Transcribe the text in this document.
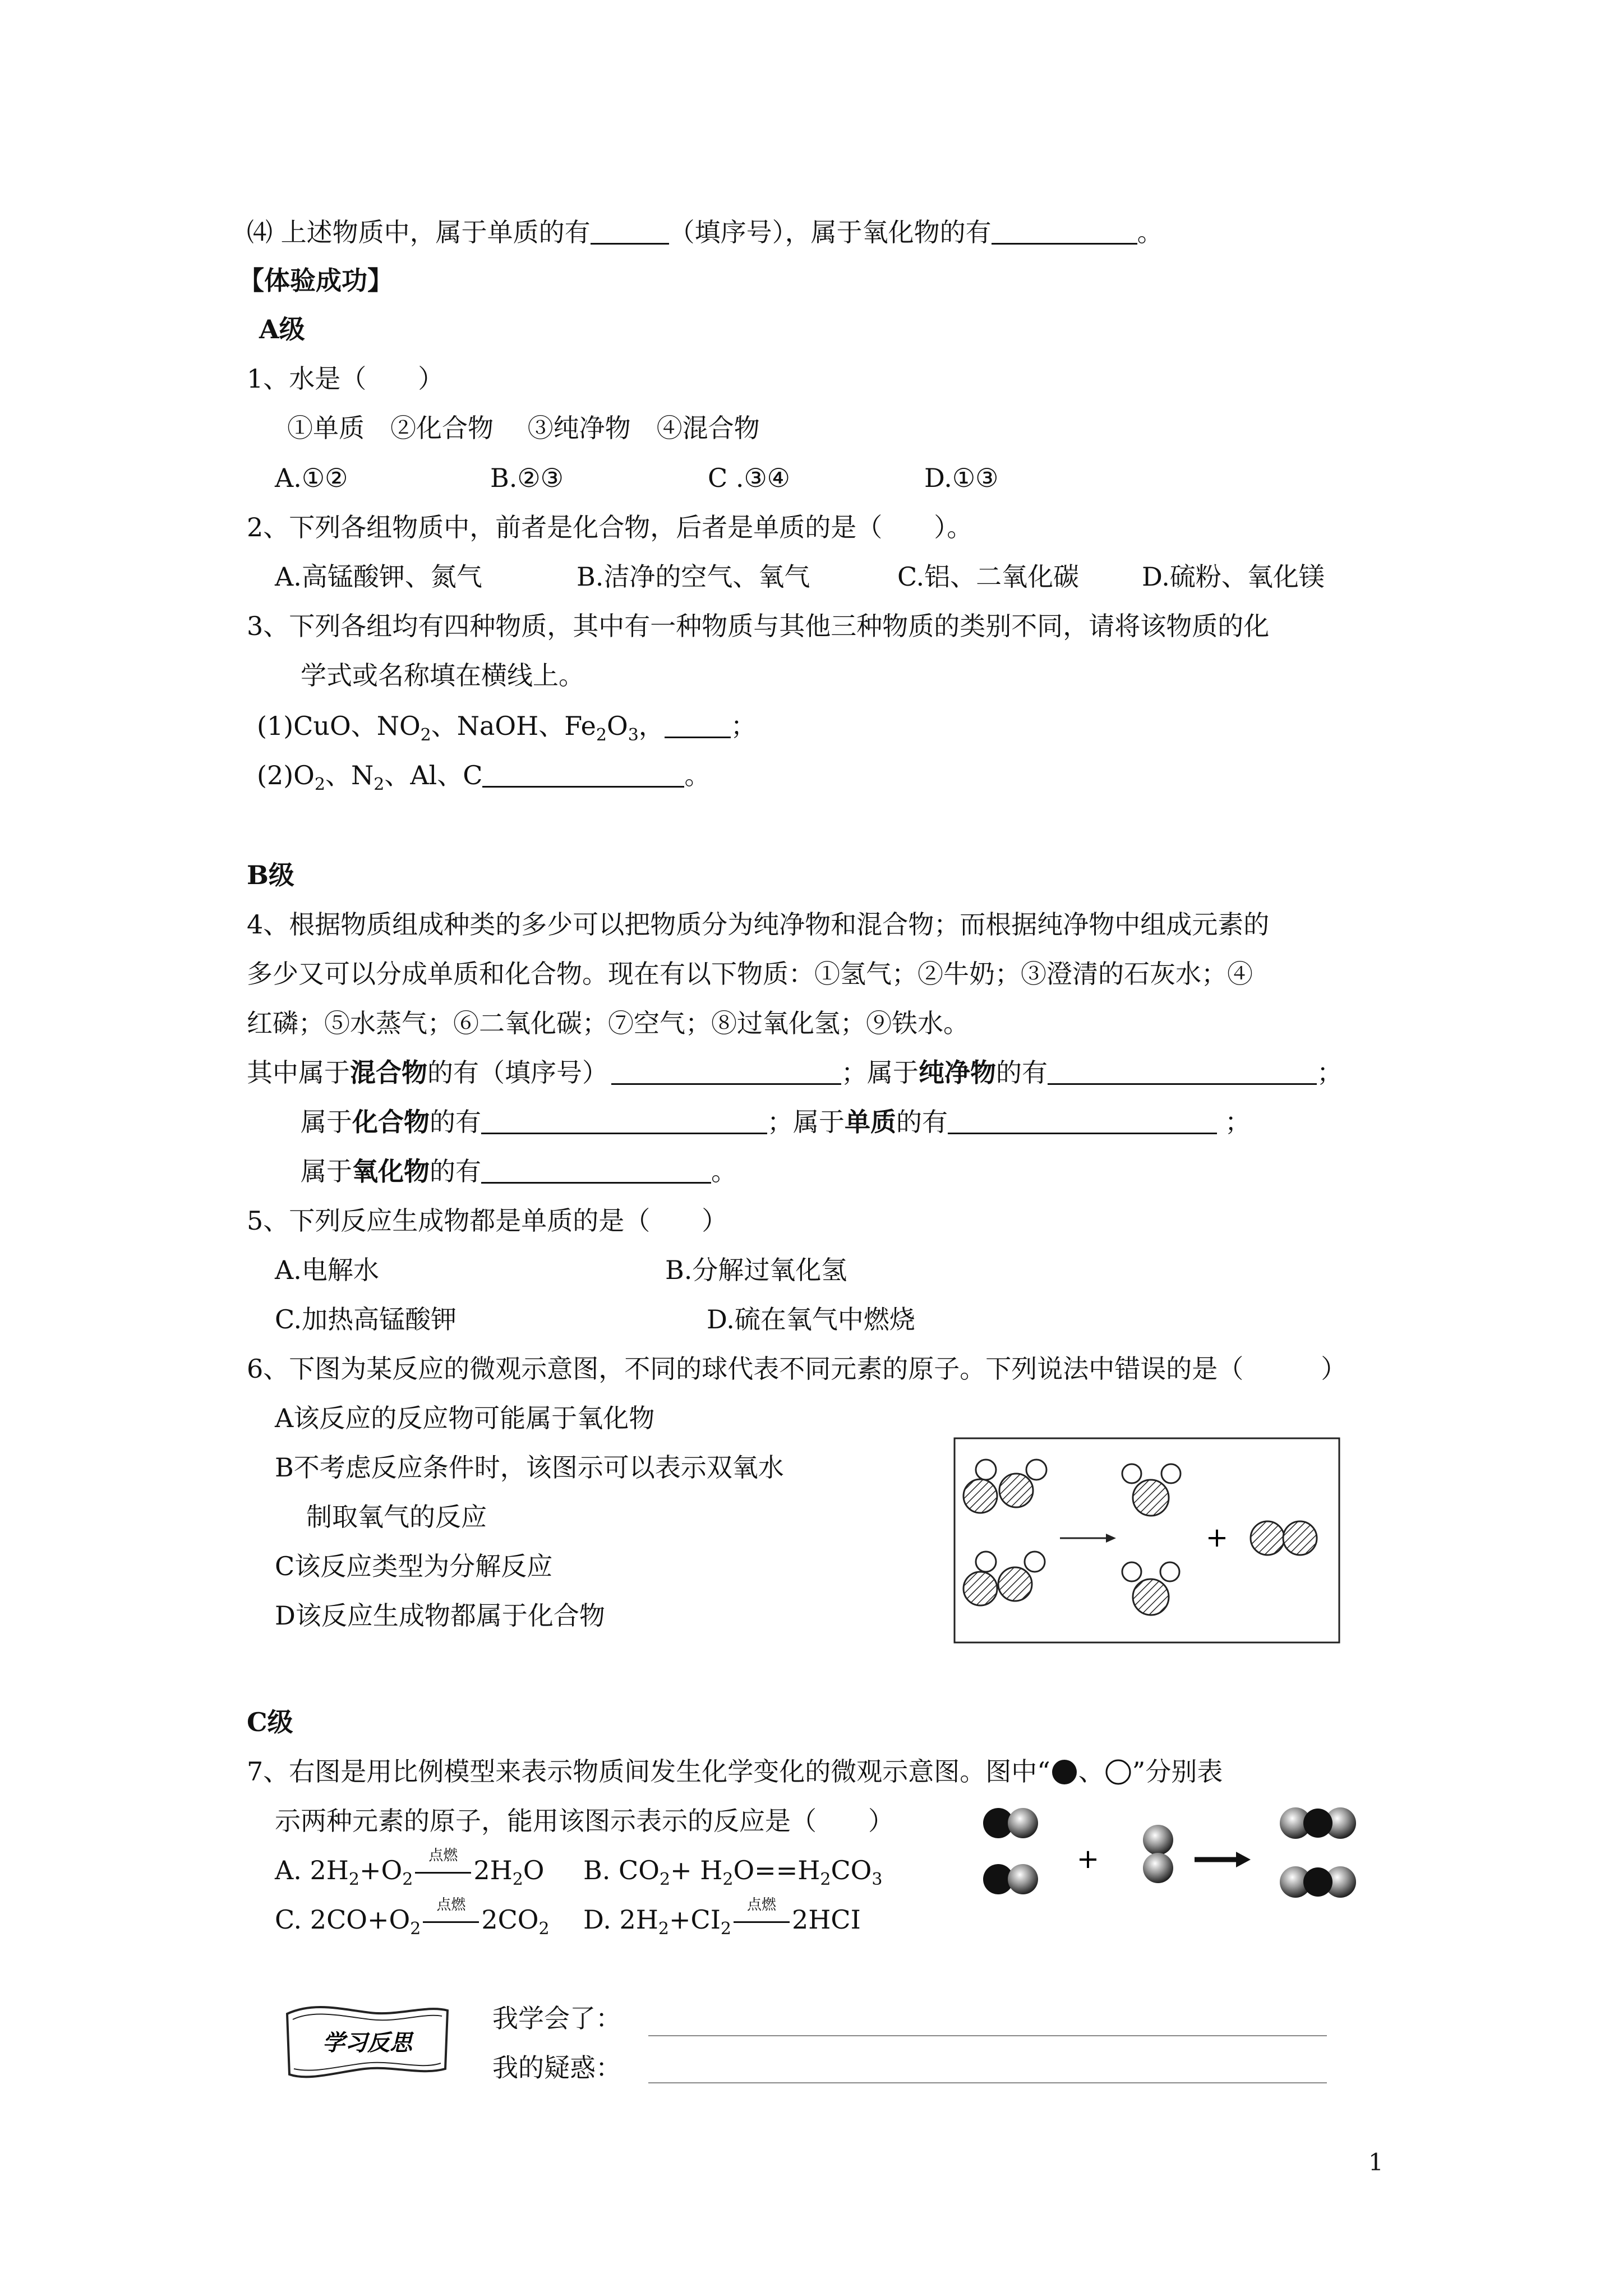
⑷ 上述物质中，属于单质的有	（填序号），属于氧化物的有	。
【体验成功】
A级
1、水是（　　）
①单质　②化合物　 ③纯净物　④混合物
A.①②	B.②③	C .③④	D.①③
2、下列各组物质中，前者是化合物，后者是单质的是（　　）。
A.高锰酸钾、氮气	B.洁净的空气、氧气	C.铝、二氧化碳 D.硫粉、氧化镁
3、下列各组均有四种物质，其中有一种物质与其他三种物质的类别不同，请将该物质的化
学式或名称填在横线上。
(1)CuO、$NO_2$、NaOH、$Fe_2O_3$，	；
$(2)O_2$、$N_2$、Al、C	。
B级
4、根据物质组成种类的多少可以把物质分为纯净物和混合物；而根据纯净物中组成元素的
多少又可以分成单质和化合物。现在有以下物质：①氢气；②牛奶；③澄清的石灰水；④
红磷；⑤水蒸气；⑥二氧化碳；⑦空气；⑧过氧化氢；⑨铁水。
其中属于混合物的有（填序号）	；属于纯净物的有	；
属于化合物的有	；属于单质的有	；
属于氧化物的有	。
5、下列反应生成物都是单质的是（　　）
A.电解水	B.分解过氧化氢
C.加热高锰酸钾	D.硫在氧气中燃烧
6、下图为某反应的微观示意图，不同的球代表不同元素的原子。下列说法中错误的是（　　　）
A该反应的反应物可能属于氧化物
B不考虑反应条件时，该图示可以表示双氧水
制取氧气的反应
C该反应类型为分解反应
D该反应生成物都属于化合物
+
C级
7、右图是用比例模型来表示物质间发生化学变化的微观示意图。图中“ 、 ”分别表
示两种元素的原子，能用该图示表示的反应是（　　）
A. $2H_2+O_2$
点燃 $2H_2O$ B. $CO_2+ H_2O==H_2CO_3$
C. $2CO+O_2$
点燃 $2CO_2$ D. $2H_2+CI_2$
点燃 2HCI
+
学习反思
我学会了：
我的疑惑：
1
